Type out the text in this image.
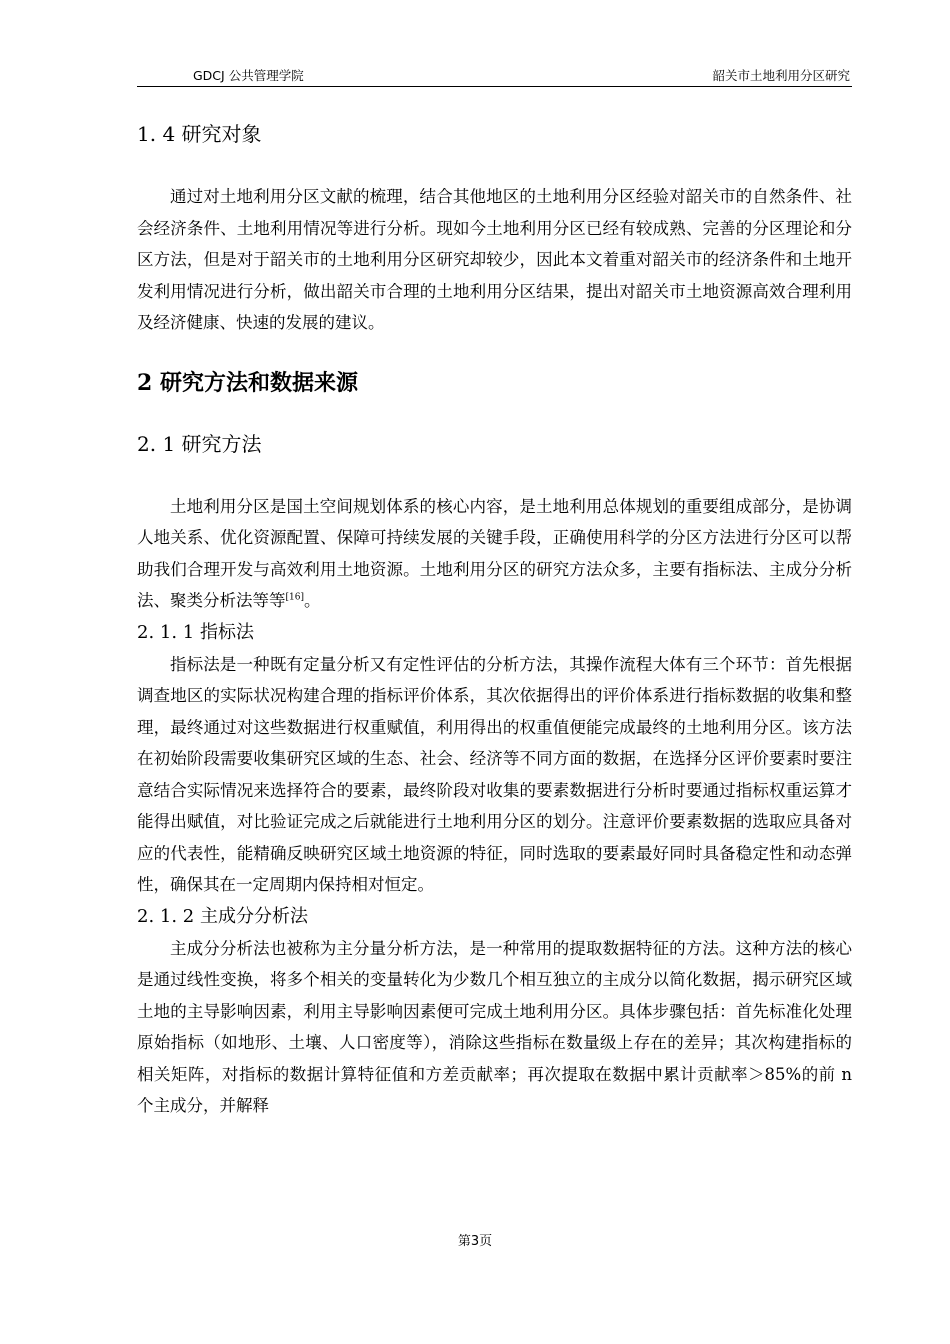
GDCJ 公共管理学院	韶关市土地利用分区研究
1. 4 研究对象

通过对土地利用分区文献的梳理，结合其他地区的土地利用分区经验对韶关市的自然条件、社会经济条件、土地利用情况等进行分析。现如今土地利用分区已经有较成熟、完善的分区理论和分区方法，但是对于韶关市的土地利用分区研究却较少，因此本文着重对韶关市的经济条件和土地开发利用情况进行分析，做出韶关市合理的土地利用分区结果，提出对韶关市土地资源高效合理利用及经济健康、快速的发展的建议。

2 研究方法和数据来源
2. 1 研究方法

土地利用分区是国土空间规划体系的核心内容，是土地利用总体规划的重要组成部分，是协调人地关系、优化资源配置、保障可持续发展的关键手段，正确使用科学的分区方法进行分区可以帮助我们合理开发与高效利用土地资源。土地利用分区的研究方法众多，主要有指标法、主成分分析法、聚类分析法等等[16]。

2. 1. 1 指标法

指标法是一种既有定量分析又有定性评估的分析方法，其操作流程大体有三个环节：首先根据调查地区的实际状况构建合理的指标评价体系，其次依据得出的评价体系进行指标数据的收集和整理，最终通过对这些数据进行权重赋值，利用得出的权重值便能完成最终的土地利用分区。该方法在初始阶段需要收集研究区域的生态、社会、经济等不同方面的数据，在选择分区评价要素时要注意结合实际情况来选择符合的要素，最终阶段对收集的要素数据进行分析时要通过指标权重运算才能得出赋值，对比验证完成之后就能进行土地利用分区的划分。注意评价要素数据的选取应具备对应的代表性，能精确反映研究区域土地资源的特征，同时选取的要素最好同时具备稳定性和动态弹性，确保其在一定周期内保持相对恒定。

2. 1. 2 主成分分析法

主成分分析法也被称为主分量分析方法，是一种常用的提取数据特征的方法。这种方法的核心是通过线性变换，将多个相关的变量转化为少数几个相互独立的主成分以简化数据，揭示研究区域土地的主导影响因素，利用主导影响因素便可完成土地利用分区。具体步骤包括：首先标准化处理原始指标（如地形、土壤、人口密度等），消除这些指标在数量级上存在的差异；其次构建指标的相关矩阵，对指标的数据计算特征值和方差贡献率；再次提取在数据中累计贡献率＞85%的前 n 个主成分，并解释

第3页
